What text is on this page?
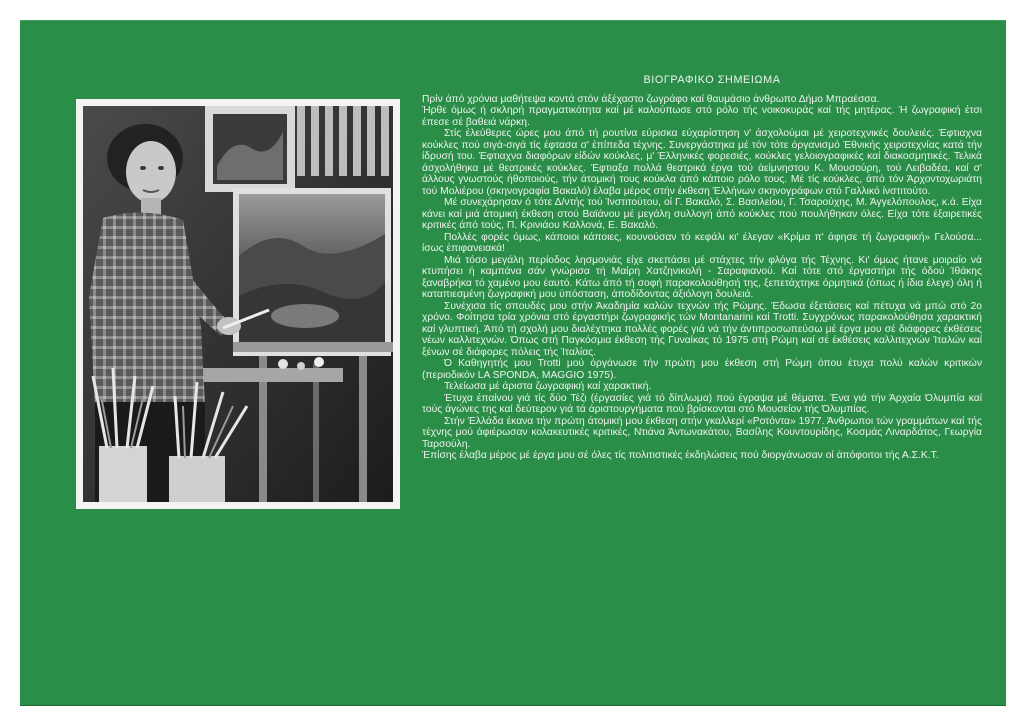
ΒΙΟΓΡΑΦΙΚΟ ΣΗΜΕΙΩΜΑ

Πρίν άπό χρόνια μαθήτεψα κοντά στόν άξέχαστο ζωγράφο καί θαυμάσιο άνθρωπο Δήμο Μπραέσσα.

Ήρθε όμως ή σκληρή πραγματικότητα καί μέ καλούπωσε στό ρόλο τής νοικοκυράς καί τής μητέρας. Ή ζωγραφική έτσι έπεσε σέ βαθειά νάρκη.

Στίς έλεύθερες ώρες μου άπό τή ρουτίνα εύρισκα εύχαρίστηση ν' άσχολούμαι μέ χειροτεχνικές δουλειές. Έφτιαχνα κούκλες πού σιγά-σιγά τίς έφτασα σ' έπίπεδα τέχνης. Συνεργάστηκα μέ τόν τότε όργανισμό Έθνικής χειροτεχνίας κατά τήν ίδρυσή του. Έφτιαχνα διαφόρων είδών κούκλες, μ' Έλληνικές φορεσιές, κούκλες γελοιογραφικές καί διακοσμητικές. Τελικά άσχολήθηκα μέ θεατρικές κούκλες. Έφτιαξα πολλά θεατρικά έργα τού άείμνηστου Κ. Μουσούρη, τού Λειβαδέα, καί σ' άλλους γνωστούς ήθοποιούς, τήν άτομική τους κούκλα άπό κάποιο ρόλο τους. Μέ τίς κούκλες, άπό τόν Άρχοντοχωριάτη τού Μολιέρου (σκηνογραφία Βακαλό) έλαβα μέρος στήν έκθεση Έλλήνων σκηνογράφων στό Γαλλικό ίνστιτούτο.

Μέ συνεχάρησαν ό τότε Δ/ντής τού Ίνστιτούτου, οί Γ. Βακαλό, Σ. Βασιλείου, Γ. Τσαρούχης, Μ. Άγγελόπουλος, κ.ά. Είχα κάνει καί μιά άτομική έκθεση στού Βαϊάνου μέ μεγάλη συλλογή άπό κούκλες πού πουλήθηκαν όλες. Είχα τότε έξαιρετικές κριτικές άπό τούς, Π. Κρινιάου Καλλονά, Ε. Βακαλό.

Πολλές φορές όμως, κάποιοι κάποιες, κουνούσαν τό κεφάλι κι' έλεγαν «Κρίμα π' άφησε τή ζωγραφική» Γελούσα... ίσως έπιφανειακά!

Μιά τόσο μεγάλη περίοδος λησμονιάς είχε σκεπάσει μέ στάχτες τήν φλόγα τής Τέχνης. Κι' όμως ήτανε μοιραίο νά κτυπήσει ή καμπάνα σάν γνώρισα τή Μαίρη Χατζηνικολή - Σαραφιανού. Καί τότε στό έργαστήρι τής όδού Ίθάκης ξαναβρήκα τό χαμένο μου έαυτό. Κάτω άπό τή σοφή παρακολούθησή της, ξεπετάχτηκε όρμητικά (όπως ή ίδια έλεγε) όλη ή καταπιεσμένη ζωγραφική μου ύπόσταση, άποδίδοντας άξιόλογη δουλειά.

Συνέχισα τίς σπουδές μου στήν Άκαδημία καλών τεχνών τής Ρώμης. Έδωσα έξετάσεις καί πέτυχα νά μπώ στό 2ο χρόνο. Φοίτησα τρία χρόνια στό έργαστήρι ζωγραφικής τών Montanarini καί Trotti. Συγχρόνως παρακολούθησα χαρακτική καί γλυπτική. Άπό τή σχολή μου διαλέχτηκα πολλές φορές γιά νά τήν άντιπροσωπεύσω μέ έργα μου σέ διάφορες έκθέσεις νέων καλλιτεχνών. Όπως στή Παγκόσμια έκθεση τής Γυναίκας τό 1975 στή Ρώμη καί σέ έκθέσεις καλλιτεχνών Ίταλών καί ξένων σέ διάφορες πόλεις τής Ίταλίας.

Ό Καθηγητής μου Trotti μού όργάνωσε τήν πρώτη μου έκθεση στή Ρώμη όπου έτυχα πολύ καλών κριτικών (περιοδικόν LA SPONDA, MAGGIO 1975).

Τελείωσα μέ άριστα ζωγραφική καί χαρακτική.

Έτυχα έπαίνου γιά τίς δύο Τέζι (έργασίες γιά τό δίπλωμα) πού έγραψα μέ θέματα. Ένα γιά τήν Άρχαία Όλυμπία καί τούς άγώνες της καί δεύτερον γιά τά άριστουργήματα πού βρίσκονται στό Μουσείον τής Όλυμπίας.

Στήν Έλλάδα έκανα τήν πρώτη άτομική μου έκθεση στήν γκαλλερί «Ροτόντα» 1977. Άνθρωποι τών γραμμάτων καί τής τέχνης μού άφιέρωσαν κολακευτικές κριτικές, Ντιάνα Άντωνακάτου, Βασίλης Κουντουρίδης, Κοσμάς Λιναρδάτος, Γεωργία Ταρσούλη.

Έπίσης έλαβα μέρος μέ έργα μου σέ όλες τίς πολιτιστικές έκδηλώσεις πού διοργάνωσαν οί άπόφοιτοι τής Α.Σ.Κ.Τ.
